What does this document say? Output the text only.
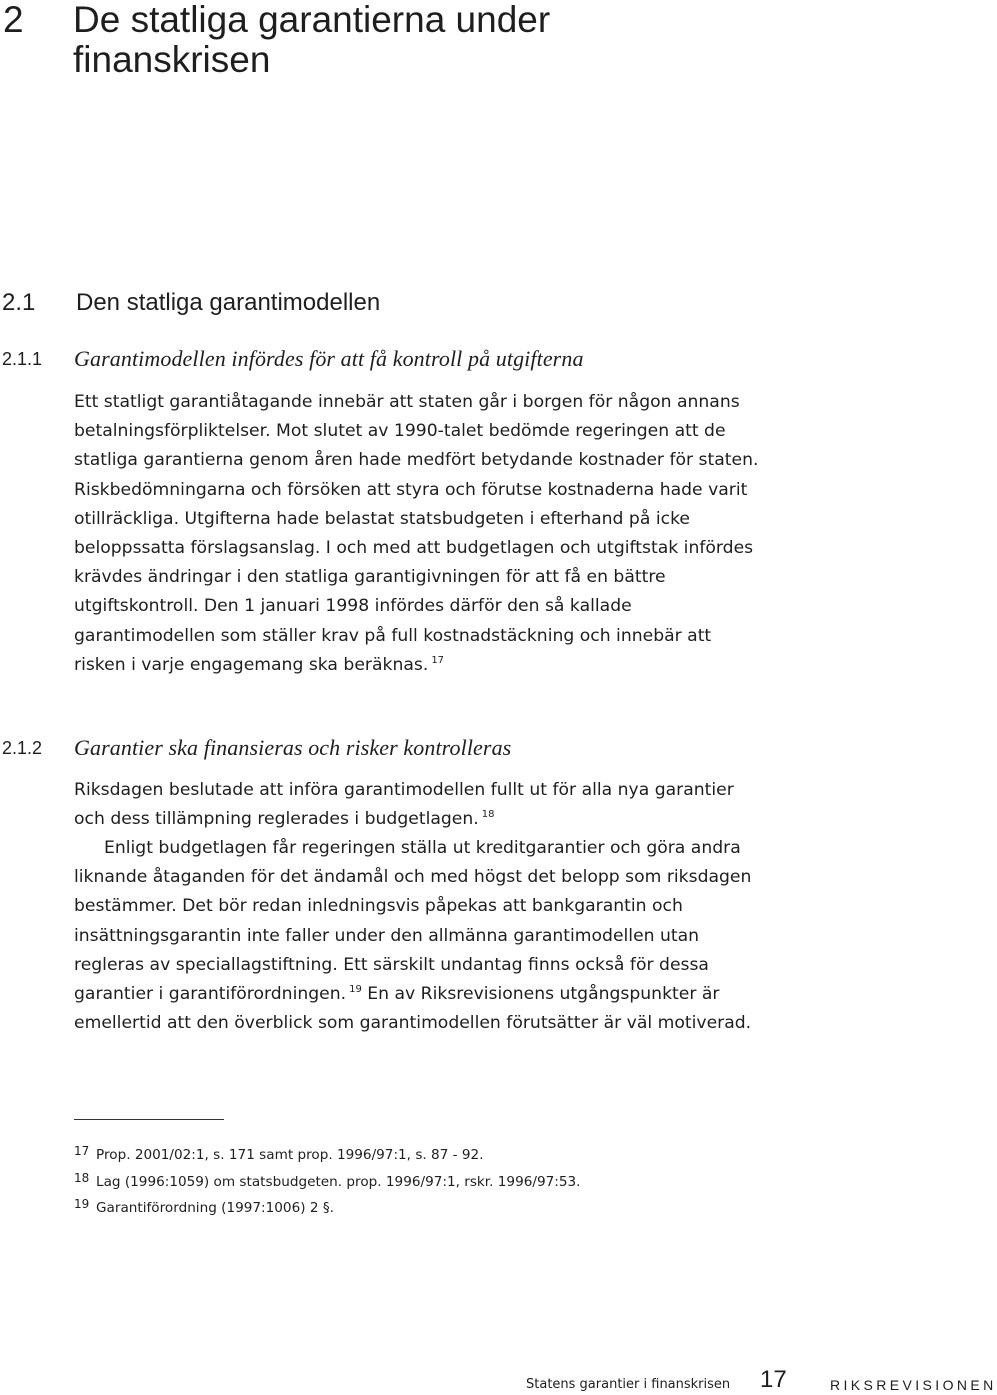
2 De statliga garantierna under finanskrisen
2.1 Den statliga garantimodellen
2.1.1 Garantimodellen infördes för att få kontroll på utgifterna

Ett statligt garantiåtagande innebär att staten går i borgen för någon annans betalningsförpliktelser. Mot slutet av 1990-talet bedömde regeringen att de statliga garantierna genom åren hade medfört betydande kostnader för staten. Riskbedömningarna och försöken att styra och förutse kostnaderna hade varit otillräckliga. Utgifterna hade belastat statsbudgeten i efterhand på icke beloppssatta förslagsanslag. I och med att budgetlagen och utgiftstak infördes krävdes ändringar i den statliga garantigivningen för att få en bättre utgiftskontroll. Den 1 januari 1998 infördes därför den så kallade garantimodellen som ställer krav på full kostnadstäckning och innebär att risken i varje engagemang ska beräknas. $^{17}$

2.1.2 Garantier ska finansieras och risker kontrolleras

Riksdagen beslutade att införa garantimodellen fullt ut för alla nya garantier och dess tillämpning reglerades i budgetlagen. $^{18}$

Enligt budgetlagen får regeringen ställa ut kreditgarantier och göra andra liknande åtaganden för det ändamål och med högst det belopp som riksdagen bestämmer. Det bör redan inledningsvis påpekas att bankgarantin och insättningsgarantin inte faller under den allmänna garantimodellen utan regleras av speciallagstiftning. Ett särskilt undantag finns också för dessa garantier i garantiförordningen. $^{19}$ En av Riksrevisionens utgångspunkter är emellertid att den överblick som garantimodellen förutsätter är väl motiverad.

17 Prop. 2001/02:1, s. 171 samt prop. 1996/97:1, s. 87 - 92.
18 Lag (1996:1059) om statsbudgeten. prop. 1996/97:1, rskr. 1996/97:53.
19 Garantiförordning (1997:1006) 2 §.
Statens garantier i finanskrisen 17	RIKSREVISIONEN
